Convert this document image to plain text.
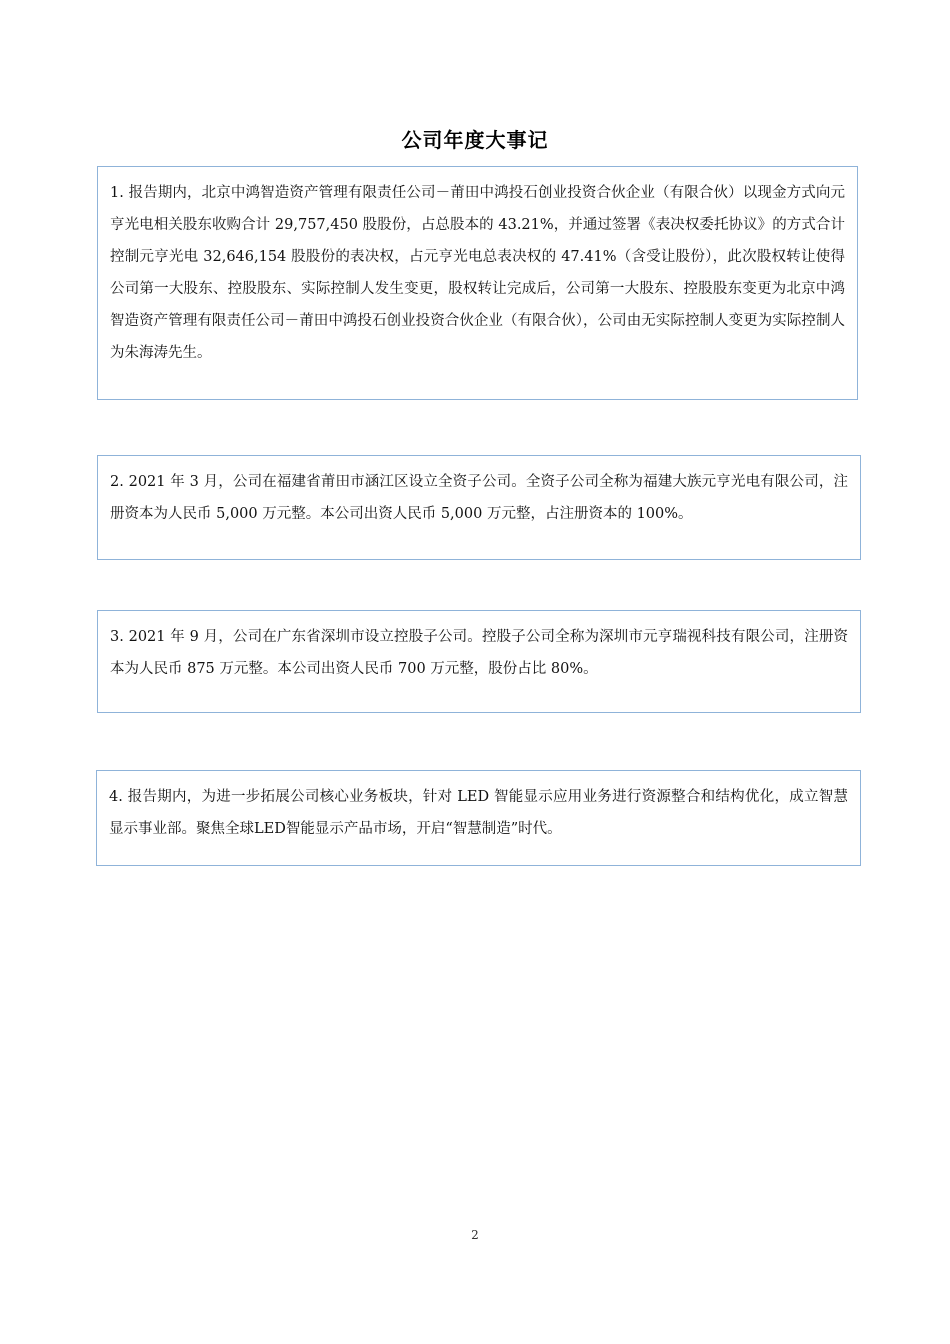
公司年度大事记

1. 报告期内，北京中鸿智造资产管理有限责任公司－莆田中鸿投石创业投资合伙企业（有限合伙）以现金方式向元亨光电相关股东收购合计 29,757,450 股股份，占总股本的 43.21%，并通过签署《表决权委托协议》的方式合计控制元亨光电 32,646,154 股股份的表决权，占元亨光电总表决权的 47.41%（含受让股份），此次股权转让使得公司第一大股东、控股股东、实际控制人发生变更，股权转让完成后，公司第一大股东、控股股东变更为北京中鸿智造资产管理有限责任公司－莆田中鸿投石创业投资合伙企业（有限合伙），公司由无实际控制人变更为实际控制人为朱海涛先生。

2. 2021 年 3 月，公司在福建省莆田市涵江区设立全资子公司。全资子公司全称为福建大族元亨光电有限公司，注册资本为人民币 5,000 万元整。本公司出资人民币 5,000 万元整，占注册资本的 100%。

3. 2021 年 9 月，公司在广东省深圳市设立控股子公司。控股子公司全称为深圳市元亨瑞视科技有限公司，注册资本为人民币 875 万元整。本公司出资人民币 700 万元整，股份占比 80%。

4. 报告期内，为进一步拓展公司核心业务板块，针对 LED 智能显示应用业务进行资源整合和结构优化，成立智慧显示事业部。聚焦全球LED智能显示产品市场，开启“智慧制造”时代。

2
